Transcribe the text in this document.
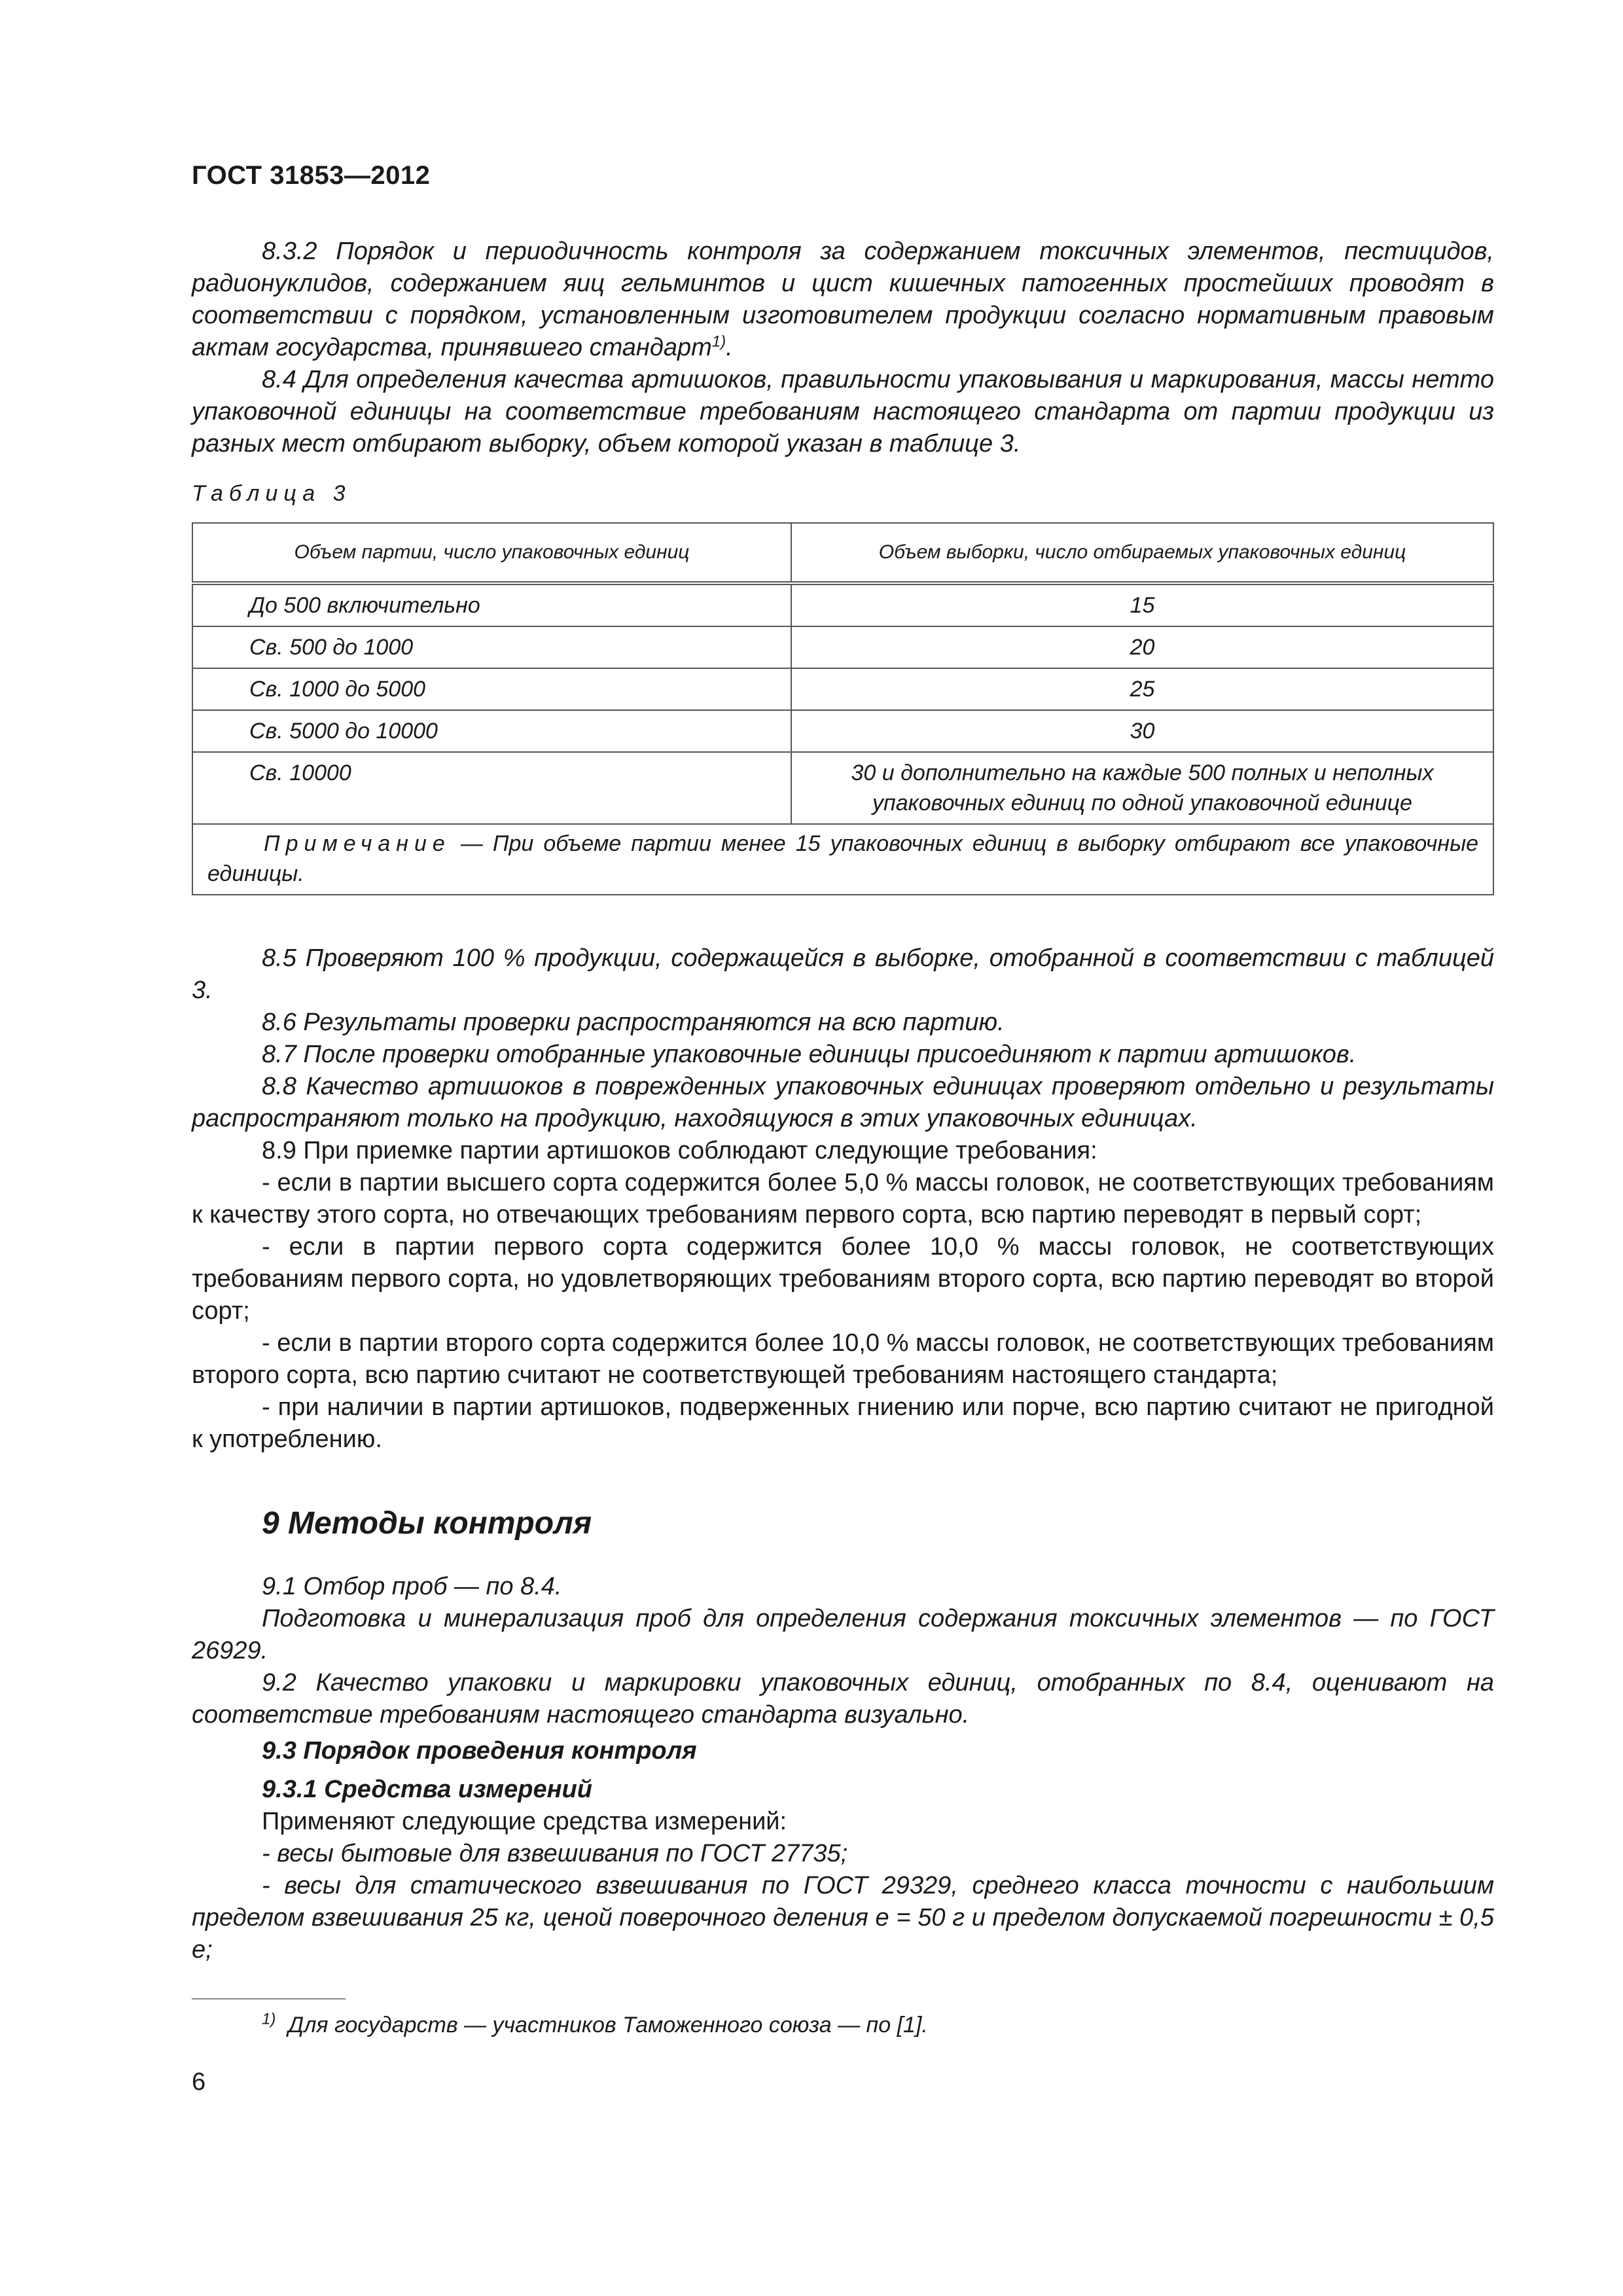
ГОСТ 31853—2012

8.3.2 Порядок и периодичность контроля за содержанием токсичных элементов, пестицидов, радионуклидов, содержанием яиц гельминтов и цист кишечных патогенных простейших проводят в соответствии с порядком, установленным изготовителем продукции согласно нормативным правовым актам государства, принявшего стандарт$^{1)}$.

8.4 Для определения качества артишоков, правильности упаковывания и маркирования, массы нетто упаковочной единицы на соответствие требованиям настоящего стандарта от партии продукции из разных мест отбирают выборку, объем которой указан в таблице 3.

Таблица 3
Объем партии, число упаковочных единиц	Объем выборки, число отбираемых упаковочных единиц
До 500 включительно	15
Св. 500 до 1000	20
Св. 1000 до 5000	25
Св. 5000 до 10000	30
Св. 10000	30 и дополнительно на каждые 500 полных и неполных упаковочных единиц по одной упаковочной единице
Примечание — При объеме партии менее 15 упаковочных единиц в выборку отбирают все упаковочные единицы.	

8.5 Проверяют 100 % продукции, содержащейся в выборке, отобранной в соответствии с таблицей 3.

8.6 Результаты проверки распространяются на всю партию.

8.7 После проверки отобранные упаковочные единицы присоединяют к партии артишоков.

8.8 Качество артишоков в поврежденных упаковочных единицах проверяют отдельно и результаты распространяют только на продукцию, находящуюся в этих упаковочных единицах.

8.9 При приемке партии артишоков соблюдают следующие требования:

- если в партии высшего сорта содержится более 5,0 % массы головок, не соответствующих требованиям к качеству этого сорта, но отвечающих требованиям первого сорта, всю партию переводят в первый сорт;

- если в партии первого сорта содержится более 10,0 % массы головок, не соответствующих требованиям первого сорта, но удовлетворяющих требованиям второго сорта, всю партию переводят во второй сорт;

- если в партии второго сорта содержится более 10,0 % массы головок, не соответствующих требованиям второго сорта, всю партию считают не соответствующей требованиям настоящего стандарта;

- при наличии в партии артишоков, подверженных гниению или порче, всю партию считают не пригодной к употреблению.

9 Методы контроля

9.1 Отбор проб — по 8.4.

Подготовка и минерализация проб для определения содержания токсичных элементов — по ГОСТ 26929.

9.2 Качество упаковки и маркировки упаковочных единиц, отобранных по 8.4, оценивают на соответствие требованиям настоящего стандарта визуально.

9.3 Порядок проведения контроля

9.3.1 Средства измерений

Применяют следующие средства измерений:

- весы бытовые для взвешивания по ГОСТ 27735;

- весы для статического взвешивания по ГОСТ 29329, среднего класса точности с наибольшим пределом взвешивания 25 кг, ценой поверочного деления e = 50 г и пределом допускаемой погрешности ± 0,5 e;

$^{1)}$ Для государств — участников Таможенного союза — по [1].
6
